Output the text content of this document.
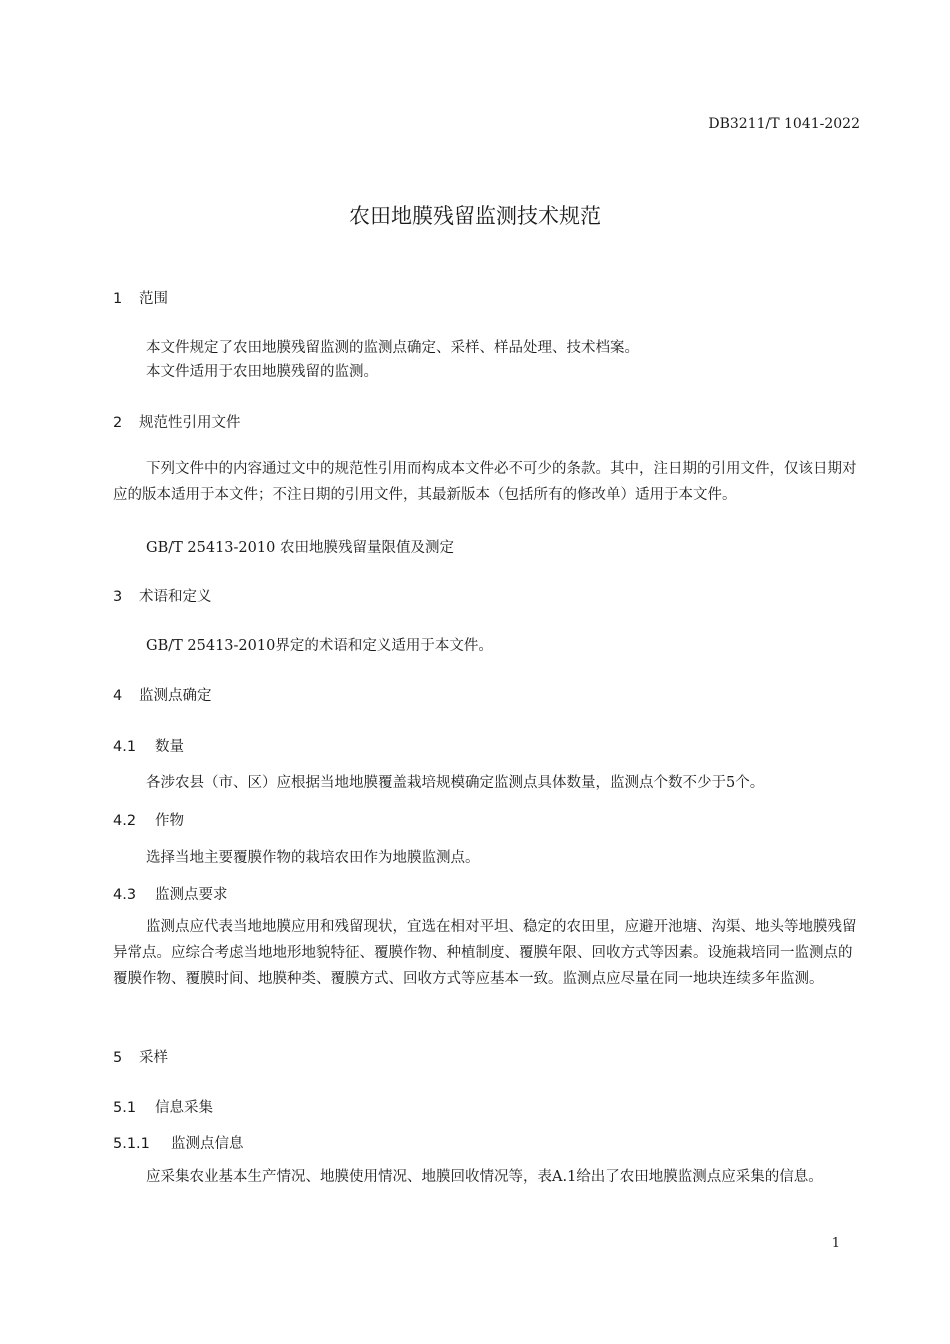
DB3211/T 1041-2022
农田地膜残留监测技术规范
1 范围
本文件规定了农田地膜残留监测的监测点确定、采样、样品处理、技术档案。
本文件适用于农田地膜残留的监测。
2 规范性引用文件
下列文件中的内容通过文中的规范性引用而构成本文件必不可少的条款。其中，注日期的引用文件，仅该日期对应的版本适用于本文件；不注日期的引用文件，其最新版本（包括所有的修改单）适用于本文件。
GB/T 25413-2010 农田地膜残留量限值及测定
3 术语和定义
GB/T 25413-2010界定的术语和定义适用于本文件。
4 监测点确定
4.1 数量
各涉农县（市、区）应根据当地地膜覆盖栽培规模确定监测点具体数量，监测点个数不少于5个。
4.2 作物
选择当地主要覆膜作物的栽培农田作为地膜监测点。
4.3 监测点要求
监测点应代表当地地膜应用和残留现状，宜选在相对平坦、稳定的农田里，应避开池塘、沟渠、地头等地膜残留异常点。应综合考虑当地地形地貌特征、覆膜作物、种植制度、覆膜年限、回收方式等因素。设施栽培同一监测点的覆膜作物、覆膜时间、地膜种类、覆膜方式、回收方式等应基本一致。监测点应尽量在同一地块连续多年监测。
5 采样
5.1 信息采集
5.1.1 监测点信息
应采集农业基本生产情况、地膜使用情况、地膜回收情况等，表A.1给出了农田地膜监测点应采集的信息。
1
